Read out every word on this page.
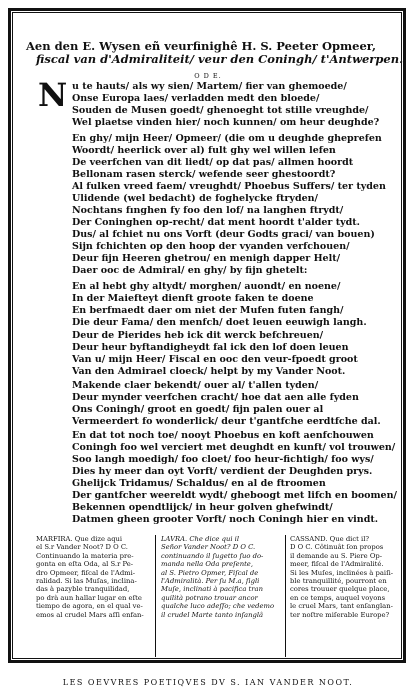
Aen den E. Wysen eñ veurfinighê H. S. Peeter Opmeer,
fiscal van d'Admiraliteit/ veur den Coningh/ t'Antwerpen.
O D E.
N u te hauts/ als wy sien/ Martem/ fier van ghemoede/
Onse Europa laes/ verladden medt den bloede/
Souden de Musen goedt/ ghenoeght tot stille vreughde/
Wel plaetse vinden hier/ noch kunnen/ om heur deughde?
En ghy/ mijn Heer/ Opmeer/ (die om u deughde gheprefen
Woordt/ heerlick over al) fult ghy wel willen lefen
De veerfchen van dit liedt/ op dat pas/ allmen hoordt
Bellonam rasen sterck/ wefende seer ghestoordt?
Al fulken vreed faem/ vreughdt/ Phoebus Suffers/ ter tyden
Ulidende (wel bedacht) de foghelycke ftryden/
Nochtans fınghen fy foo den lof/ na langhen ftrydt/
Der Coninghen op-recht/ dat ment hoordt t'alder tydt.
Dus/ al fchiet nu ons Vorft (deur Godts graci/ van bouen)
Sijn fchichten op den hoop der vyanden verfchouen/
Deur fijn Heeren ghetrou/ en menigh dapper Helt/
Daer ooc de Admiral/ en ghy/ by fijn ghetelt:
En al hebt ghy altydt/ morghen/ auondt/ en noene/
In der Maiefteyt dienft groote faken te doene
En berfmaedt daer om niet der Mufen futen fangh/
Die deur Fama/ den menfch/ doet leuen eeuwigh langh.
Deur de Pierides heb ick dit werck befchreuen/
Deur heur byftandigheydt fal ick den lof doen leuen
Van u/ mijn Heer/ Fiscal en ooc den veur-fpoedt groot
Van den Admirael cloeck/ helpt by my Vander Noot.
Makende claer bekendt/ ouer al/ t'allen tyden/
Deur mynder veerfchen cracht/ hoe dat aen alle fyden
Ons Coningh/ groot en goedt/ fijn palen ouer al
Vermeerdert fo wonderlick/ deur t'gantfche eerdtfche dal.
En dat tot noch toe/ nooyt Phoebus en koft aenfchouwen
Coningh foo wel verciert met deughdt en kunft/ vol trouwen/
Soo langh moedigh/ foo cloet/ foo heur-fichtigh/ foo wys/
Dies hy meer dan oyt Vorft/ verdient der Deughden prys.
Ghelijck Tridamus/ Schaldus/ en al de ftroomen
Der gantfcher weereldt wydt/ gheboogt met lifch en boomen/
Bekennen opendtlijck/ in heur golven ghefwindt/
Datmen gheen grooter Vorft/ noch Coningh hier en vindt.
MARFIRA. Que dize aqui
el S.r Vander Noot? D O C.
Continuando la materia pre-
gonta en eſta Oda, al S.r Pe-
dro Opmeer, fiſcal de l'Admi-
ralidad. Si las Muſas, inclina-
das à pazyble tranquilidad,
po drà aun hallar lugar en eſte
tiempo de agora, en el qual ve-
emos al crudel Mars aſſi enfan-
LAVRA. Che dice qui il
Señor Vander Noot? D O C.
continuando il ſugetto ſuo do-
manda nella Oda preſente,
al S. Pietro Opmer, Fiſcal de
l'Admiralità. Per ſu M.a, ſigli
Muſe, inclinati à pacifica tran
quilità potrano trouar ancor
qualche luco adeſſo; che vedemo
il crudel Marte tanto inſanglâ
CASSAND. Que dict il?
D O C. Côtinuât ſon propos
il demande au S. Piere Op-
meer, fiſcal de l'Admiralité.
Si les Muſes, inclinées à paiſi-
ble tranquillité, pourront en
cores trouuer quelque place,
en ce temps, auquel voyons
le cruel Mars, tant enſanglan-
ter noſtre miſerable Europe?
LES OEVVRES POETIQVES DV S. IAN VANDER NOOT.
